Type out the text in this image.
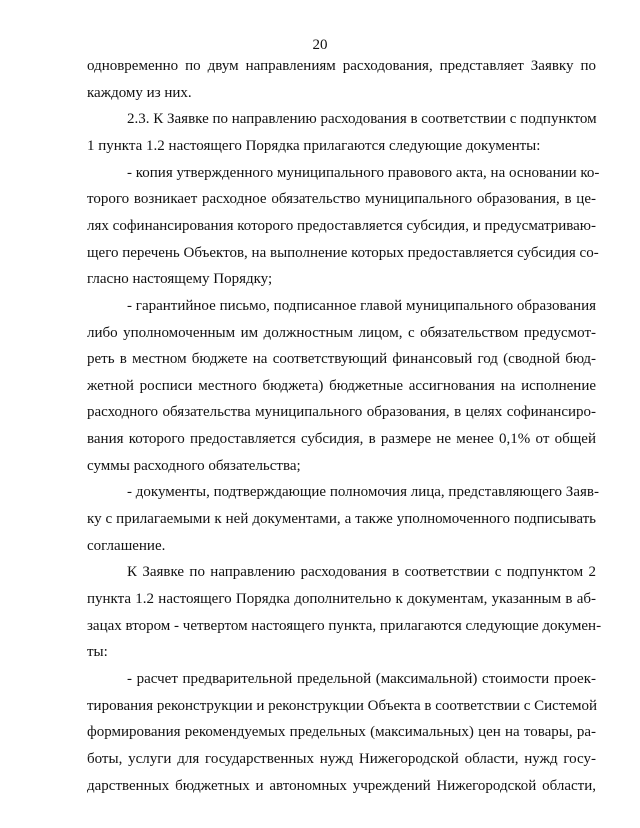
20
одновременно по двум направлениям расходования, представляет Заявку по
каждому из них.
2.3. К Заявке по направлению расходования в соответствии с подпунктом
1 пункта 1.2 настоящего Порядка прилагаются следующие документы:
- копия утвержденного муниципального правового акта, на основании ко-
торого возникает расходное обязательство муниципального образования, в це-
лях софинансирования которого предоставляется субсидия, и предусматриваю-
щего перечень Объектов, на выполнение которых предоставляется субсидия со-
гласно настоящему Порядку;
- гарантийное письмо, подписанное главой муниципального образования
либо уполномоченным им должностным лицом, с обязательством предусмот-
реть в местном бюджете на соответствующий финансовый год (сводной бюд-
жетной росписи местного бюджета) бюджетные ассигнования на исполнение
расходного обязательства муниципального образования, в целях софинансиро-
вания которого предоставляется субсидия, в размере не менее 0,1% от общей
суммы расходного обязательства;
- документы, подтверждающие полномочия лица, представляющего Заяв-
ку с прилагаемыми к ней документами, а также уполномоченного подписывать
соглашение.
К Заявке по направлению расходования в соответствии с подпунктом 2
пункта 1.2 настоящего Порядка дополнительно к документам, указанным в аб-
зацах втором - четвертом настоящего пункта, прилагаются следующие докумен-
ты:
- расчет предварительной предельной (максимальной) стоимости проек-
тирования реконструкции и реконструкции Объекта в соответствии с Системой
формирования рекомендуемых предельных (максимальных) цен на товары, ра-
боты, услуги для государственных нужд Нижегородской области, нужд госу-
дарственных бюджетных и автономных учреждений Нижегородской области,
